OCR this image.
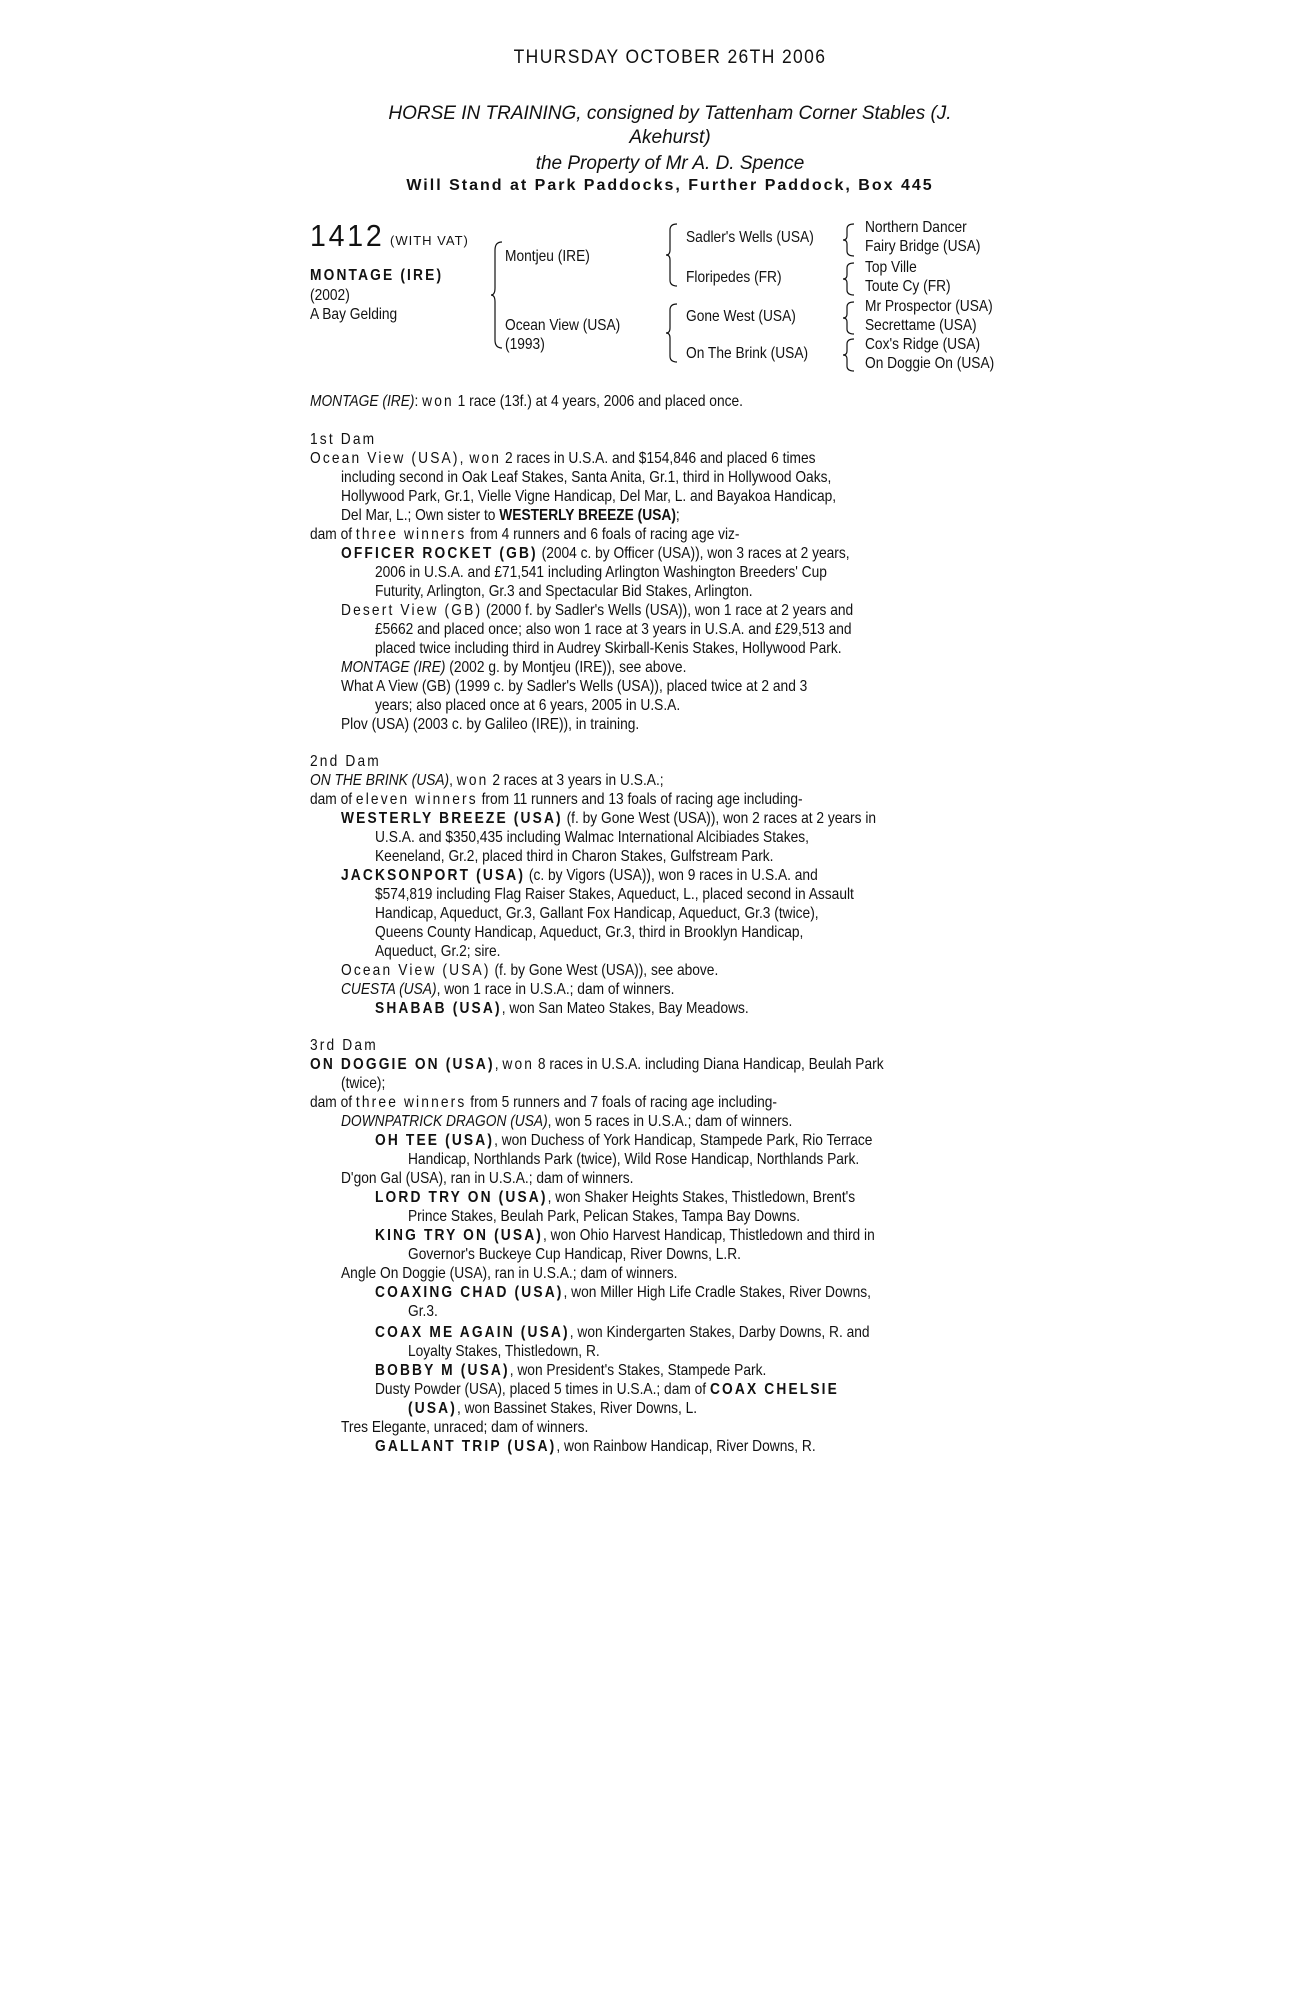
THURSDAY OCTOBER 26TH 2006
HORSE IN TRAINING, consigned by Tattenham Corner Stables (J.
Akehurst)
the Property of Mr A. D. Spence
Will Stand at Park Paddocks, Further Paddock, Box 445
1412 (WITH VAT)
MONTAGE (IRE)
(2002)
A Bay Gelding
Montjeu (IRE)
Ocean View (USA)
(1993)
Sadler's Wells (USA)
Floripedes (FR)
Gone West (USA)
On The Brink (USA)
Northern Dancer
Fairy Bridge (USA)
Top Ville
Toute Cy (FR)
Mr Prospector (USA)
Secrettame (USA)
Cox's Ridge (USA)
On Doggie On (USA)
MONTAGE (IRE): won 1 race (13f.) at 4 years, 2006 and placed once.
1st Dam
Ocean View (USA), won 2 races in U.S.A. and $154,846 and placed 6 times
including second in Oak Leaf Stakes, Santa Anita, Gr.1, third in Hollywood Oaks,
Hollywood Park, Gr.1, Vielle Vigne Handicap, Del Mar, L. and Bayakoa Handicap,
Del Mar, L.; Own sister to WESTERLY BREEZE (USA);
dam of three winners from 4 runners and 6 foals of racing age viz-
OFFICER ROCKET (GB) (2004 c. by Officer (USA)), won 3 races at 2 years,
2006 in U.S.A. and £71,541 including Arlington Washington Breeders' Cup
Futurity, Arlington, Gr.3 and Spectacular Bid Stakes, Arlington.
Desert View (GB) (2000 f. by Sadler's Wells (USA)), won 1 race at 2 years and
£5662 and placed once; also won 1 race at 3 years in U.S.A. and £29,513 and
placed twice including third in Audrey Skirball-Kenis Stakes, Hollywood Park.
MONTAGE (IRE) (2002 g. by Montjeu (IRE)), see above.
What A View (GB) (1999 c. by Sadler's Wells (USA)), placed twice at 2 and 3
years; also placed once at 6 years, 2005 in U.S.A.
Plov (USA) (2003 c. by Galileo (IRE)), in training.
2nd Dam
ON THE BRINK (USA), won 2 races at 3 years in U.S.A.;
dam of eleven winners from 11 runners and 13 foals of racing age including-
WESTERLY BREEZE (USA) (f. by Gone West (USA)), won 2 races at 2 years in
U.S.A. and $350,435 including Walmac International Alcibiades Stakes,
Keeneland, Gr.2, placed third in Charon Stakes, Gulfstream Park.
JACKSONPORT (USA) (c. by Vigors (USA)), won 9 races in U.S.A. and
$574,819 including Flag Raiser Stakes, Aqueduct, L., placed second in Assault
Handicap, Aqueduct, Gr.3, Gallant Fox Handicap, Aqueduct, Gr.3 (twice),
Queens County Handicap, Aqueduct, Gr.3, third in Brooklyn Handicap,
Aqueduct, Gr.2; sire.
Ocean View (USA) (f. by Gone West (USA)), see above.
CUESTA (USA), won 1 race in U.S.A.; dam of winners.
SHABAB (USA), won San Mateo Stakes, Bay Meadows.
3rd Dam
ON DOGGIE ON (USA), won 8 races in U.S.A. including Diana Handicap, Beulah Park
(twice);
dam of three winners from 5 runners and 7 foals of racing age including-
DOWNPATRICK DRAGON (USA), won 5 races in U.S.A.; dam of winners.
OH TEE (USA), won Duchess of York Handicap, Stampede Park, Rio Terrace
Handicap, Northlands Park (twice), Wild Rose Handicap, Northlands Park.
D'gon Gal (USA), ran in U.S.A.; dam of winners.
LORD TRY ON (USA), won Shaker Heights Stakes, Thistledown, Brent's
Prince Stakes, Beulah Park, Pelican Stakes, Tampa Bay Downs.
KING TRY ON (USA), won Ohio Harvest Handicap, Thistledown and third in
Governor's Buckeye Cup Handicap, River Downs, L.R.
Angle On Doggie (USA), ran in U.S.A.; dam of winners.
COAXING CHAD (USA), won Miller High Life Cradle Stakes, River Downs,
Gr.3.
COAX ME AGAIN (USA), won Kindergarten Stakes, Darby Downs, R. and
Loyalty Stakes, Thistledown, R.
BOBBY M (USA), won President's Stakes, Stampede Park.
Dusty Powder (USA), placed 5 times in U.S.A.; dam of COAX CHELSIE
(USA), won Bassinet Stakes, River Downs, L.
Tres Elegante, unraced; dam of winners.
GALLANT TRIP (USA), won Rainbow Handicap, River Downs, R.
